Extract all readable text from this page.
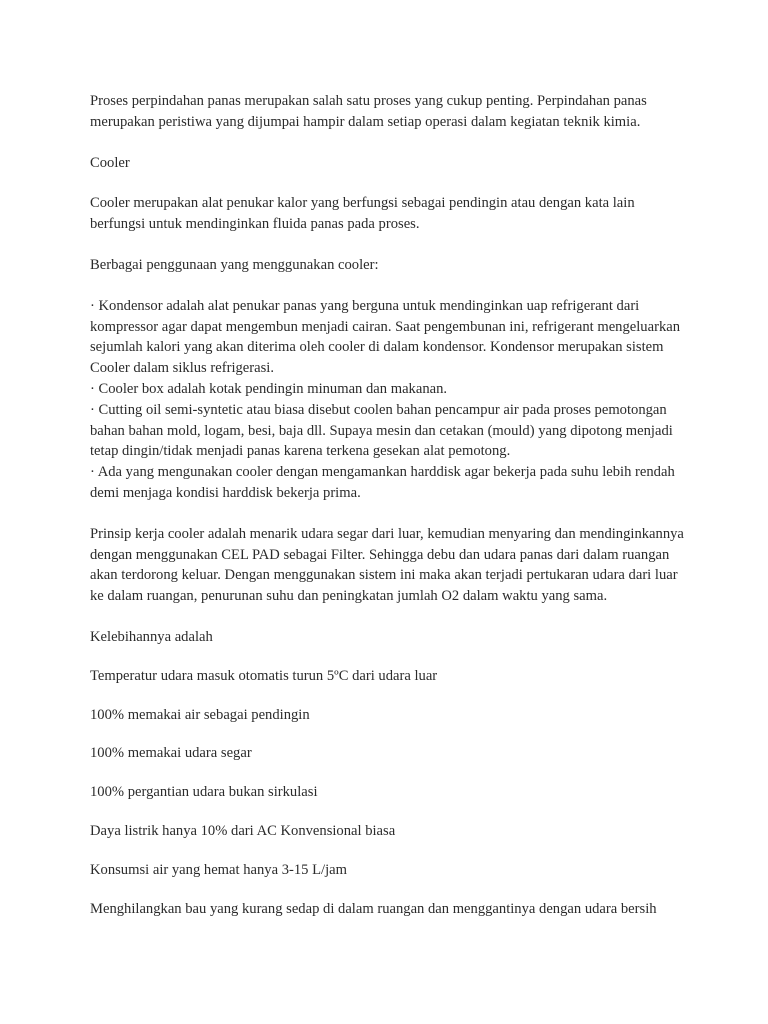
Proses perpindahan panas merupakan salah satu proses yang cukup penting. Perpindahan panas merupakan peristiwa yang dijumpai hampir dalam setiap operasi dalam kegiatan teknik kimia.

Cooler

Cooler merupakan alat penukar kalor yang berfungsi sebagai pendingin atau dengan kata lain berfungsi untuk mendinginkan fluida panas pada proses.

Berbagai penggunaan yang menggunakan cooler:

· Kondensor adalah alat penukar panas yang berguna untuk mendinginkan uap refrigerant dari kompressor agar dapat mengembun menjadi cairan. Saat pengembunan ini, refrigerant mengeluarkan sejumlah kalori yang akan diterima oleh cooler di dalam kondensor. Kondensor merupakan sistem Cooler dalam siklus refrigerasi.

· Cooler box adalah kotak pendingin minuman dan makanan.

· Cutting oil semi-syntetic atau biasa disebut coolen bahan pencampur air pada proses pemotongan bahan bahan mold, logam, besi, baja dll. Supaya mesin dan cetakan (mould) yang dipotong menjadi tetap dingin/tidak menjadi panas karena terkena gesekan alat pemotong.

· Ada yang mengunakan cooler dengan mengamankan harddisk agar bekerja pada suhu lebih rendah demi menjaga kondisi harddisk bekerja prima.

Prinsip kerja cooler adalah menarik udara segar dari luar, kemudian menyaring dan mendinginkannya dengan menggunakan CEL PAD sebagai Filter. Sehingga debu dan udara panas dari dalam ruangan akan terdorong keluar. Dengan menggunakan sistem ini maka akan terjadi pertukaran udara dari luar ke dalam ruangan, penurunan suhu dan peningkatan jumlah O2 dalam waktu yang sama.

Kelebihannya adalah

Temperatur udara masuk otomatis turun 5ºC dari udara luar

100% memakai air sebagai pendingin

100% memakai udara segar

100% pergantian udara bukan sirkulasi

Daya listrik hanya 10% dari AC Konvensional biasa

Konsumsi air yang hemat hanya 3-15 L/jam

Menghilangkan bau yang kurang sedap di dalam ruangan dan menggantinya dengan udara bersih
